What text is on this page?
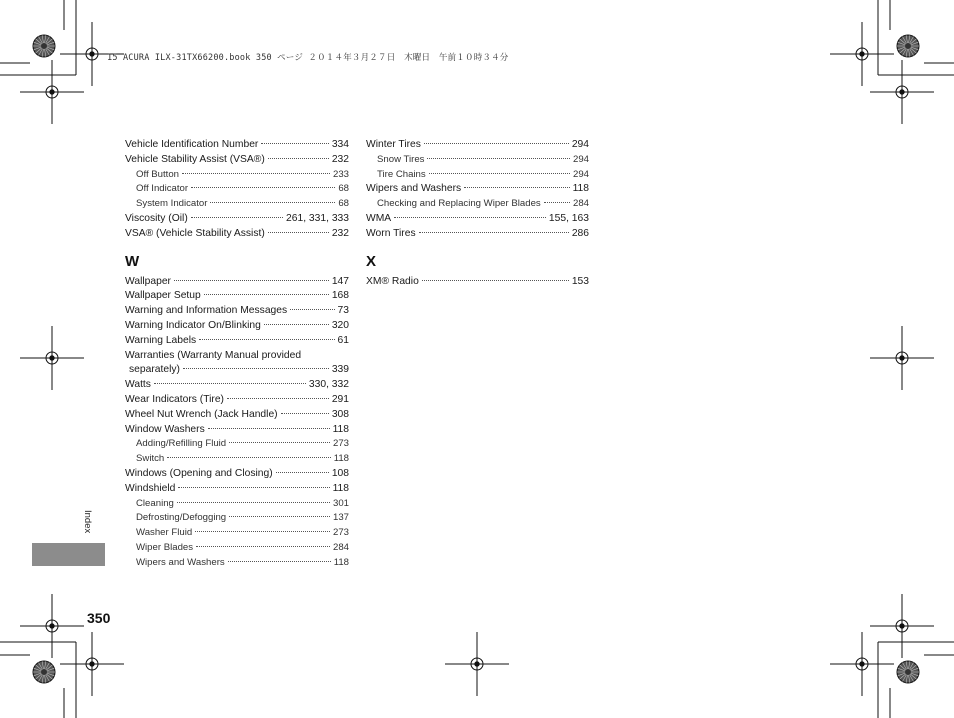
15 ACURA ILX-31TX66200.book 350 ページ ２０１４年３月２７日　木曜日　午前１０時３４分
Vehicle Identification Number	334
Vehicle Stability Assist (VSA®)	232
Off Button	233
Off Indicator	68
System Indicator	68
Viscosity (Oil)	261, 331, 333
VSA® (Vehicle Stability Assist)	232
W
Wallpaper	147
Wallpaper Setup	168
Warning and Information Messages	73
Warning Indicator On/Blinking	320
Warning Labels	61
Warranties (Warranty Manual provided
separately)	339
Watts	330, 332
Wear Indicators (Tire)	291
Wheel Nut Wrench (Jack Handle)	308
Window Washers	118
Adding/Refilling Fluid	273
Switch	118
Windows (Opening and Closing)	108
Windshield	118
Cleaning	301
Defrosting/Defogging	137
Washer Fluid	273
Wiper Blades	284
Wipers and Washers	118
Winter Tires	294
Snow Tires	294
Tire Chains	294
Wipers and Washers	118
Checking and Replacing Wiper Blades	284
WMA	155, 163
Worn Tires	286
X
XM® Radio	153
Index
350
